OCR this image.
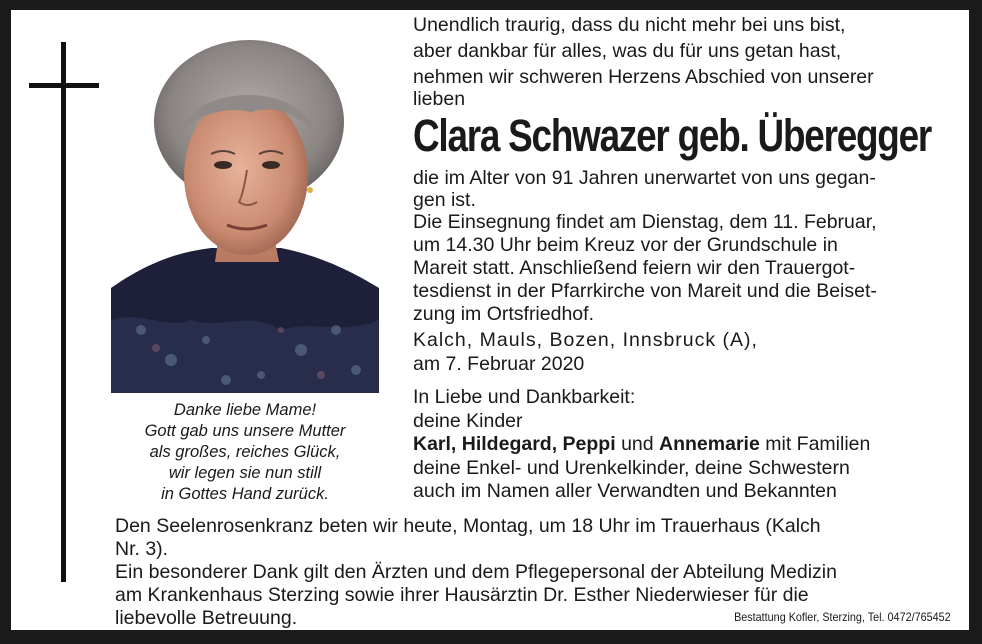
Danke liebe Mame!
Gott gab uns unsere Mutter
als großes, reiches Glück,
wir legen sie nun still
in Gottes Hand zurück.
Unendlich traurig, dass du nicht mehr bei uns bist,
aber dankbar für alles, was du für uns getan hast,
nehmen wir schweren Herzens Abschied von unserer
lieben
Clara Schwazer geb. Überegger
die im Alter von 91 Jahren unerwartet von uns gegan-
gen ist.
Die Einsegnung findet am Dienstag, dem 11. Februar,
um 14.30 Uhr beim Kreuz vor der Grundschule in
Mareit statt. Anschließend feiern wir den Trauergot-
tesdienst in der Pfarrkirche von Mareit und die Beiset-
zung im Ortsfriedhof.
Kalch, Mauls, Bozen, Innsbruck (A),
am 7. Februar 2020
In Liebe und Dankbarkeit:
deine Kinder
Karl, Hildegard, Peppi und Annemarie mit Familien
deine Enkel- und Urenkelkinder, deine Schwestern
auch im Namen aller Verwandten und Bekannten
Den Seelenrosenkranz beten wir heute, Montag, um 18 Uhr im Trauerhaus (Kalch
Nr. 3).
Ein besonderer Dank gilt den Ärzten und dem Pflegepersonal der Abteilung Medizin
am Krankenhaus Sterzing sowie ihrer Hausärztin Dr. Esther Niederwieser für die
liebevolle Betreuung.	Bestattung Kofler, Sterzing, Tel. 0472/765452
